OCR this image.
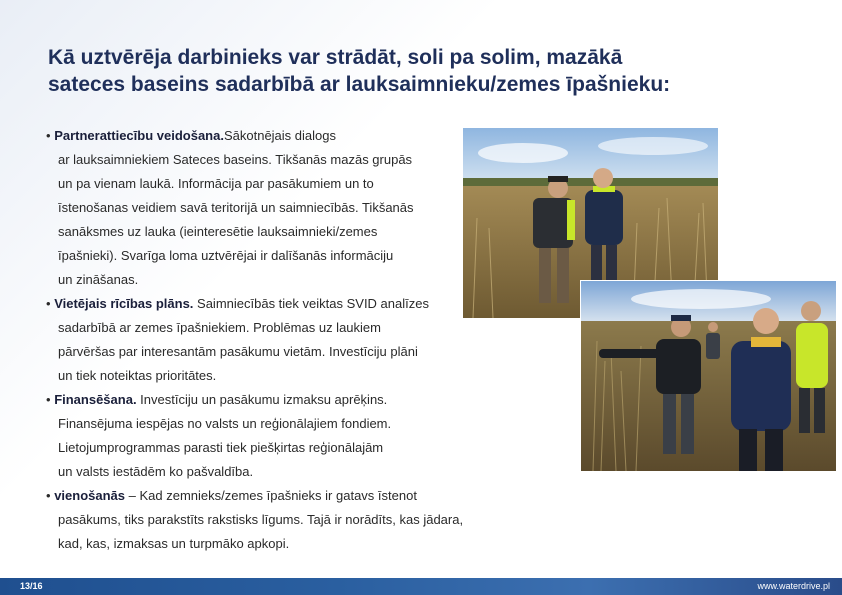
Kā uztvērēja darbinieks var strādāt, soli pa solim, mazākā
sateces baseins sadarbībā ar lauksaimnieku/zemes īpašnieku:
• Partnerattiecību veidošana.Sākotnējais dialogs
ar lauksaimniekiem Sateces baseins. Tikšanās mazās grupās
un pa vienam laukā. Informācija par pasākumiem un to
īstenošanas veidiem savā teritorijā un saimniecībās. Tikšanās
sanāksmes uz lauka (ieinteresētie lauksaimnieki/zemes
īpašnieki). Svarīga loma uztvērējai ir dalīšanās informāciju
un zināšanas.
• Vietējais rīcības plāns. Saimniecībās tiek veiktas SVID analīzes
sadarbībā ar zemes īpašniekiem. Problēmas uz laukiem
pārvēršas par interesantām pasākumu vietām. Investīciju plāni
un tiek noteiktas prioritātes.
• Finansēšana. Investīciju un pasākumu izmaksu aprēķins.
Finansējuma iespējas no valsts un reģionālajiem fondiem.
Lietojumprogrammas parasti tiek piešķirtas reģionālajām
un valsts iestādēm ko pašvaldība.
• vienošanās – Kad zemnieks/zemes īpašnieks ir gatavs īstenot
pasākums, tiks parakstīts rakstisks līgums. Tajā ir norādīts, kas jādara,
kad, kas, izmaksas un turpmāko apkopi.
13/16	www.waterdrive.pl
